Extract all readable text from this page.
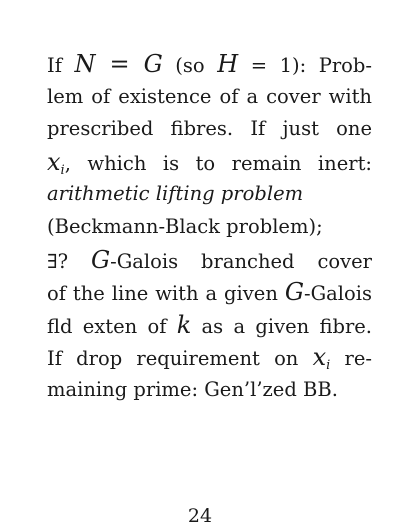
If N = G (so H = 1): Prob-
lem of existence of a cover with
prescribed fibres. If just one
$x_i$, which is to remain inert:
arithmetic lifting problem
(Beckmann-Black problem);
∃? G-Galois branched cover
of the line with a given G-Galois
ﬂd exten of k as a given fibre.
If drop requirement on $x_i$ re-
maining prime: Gen’l’zed BB.
24
